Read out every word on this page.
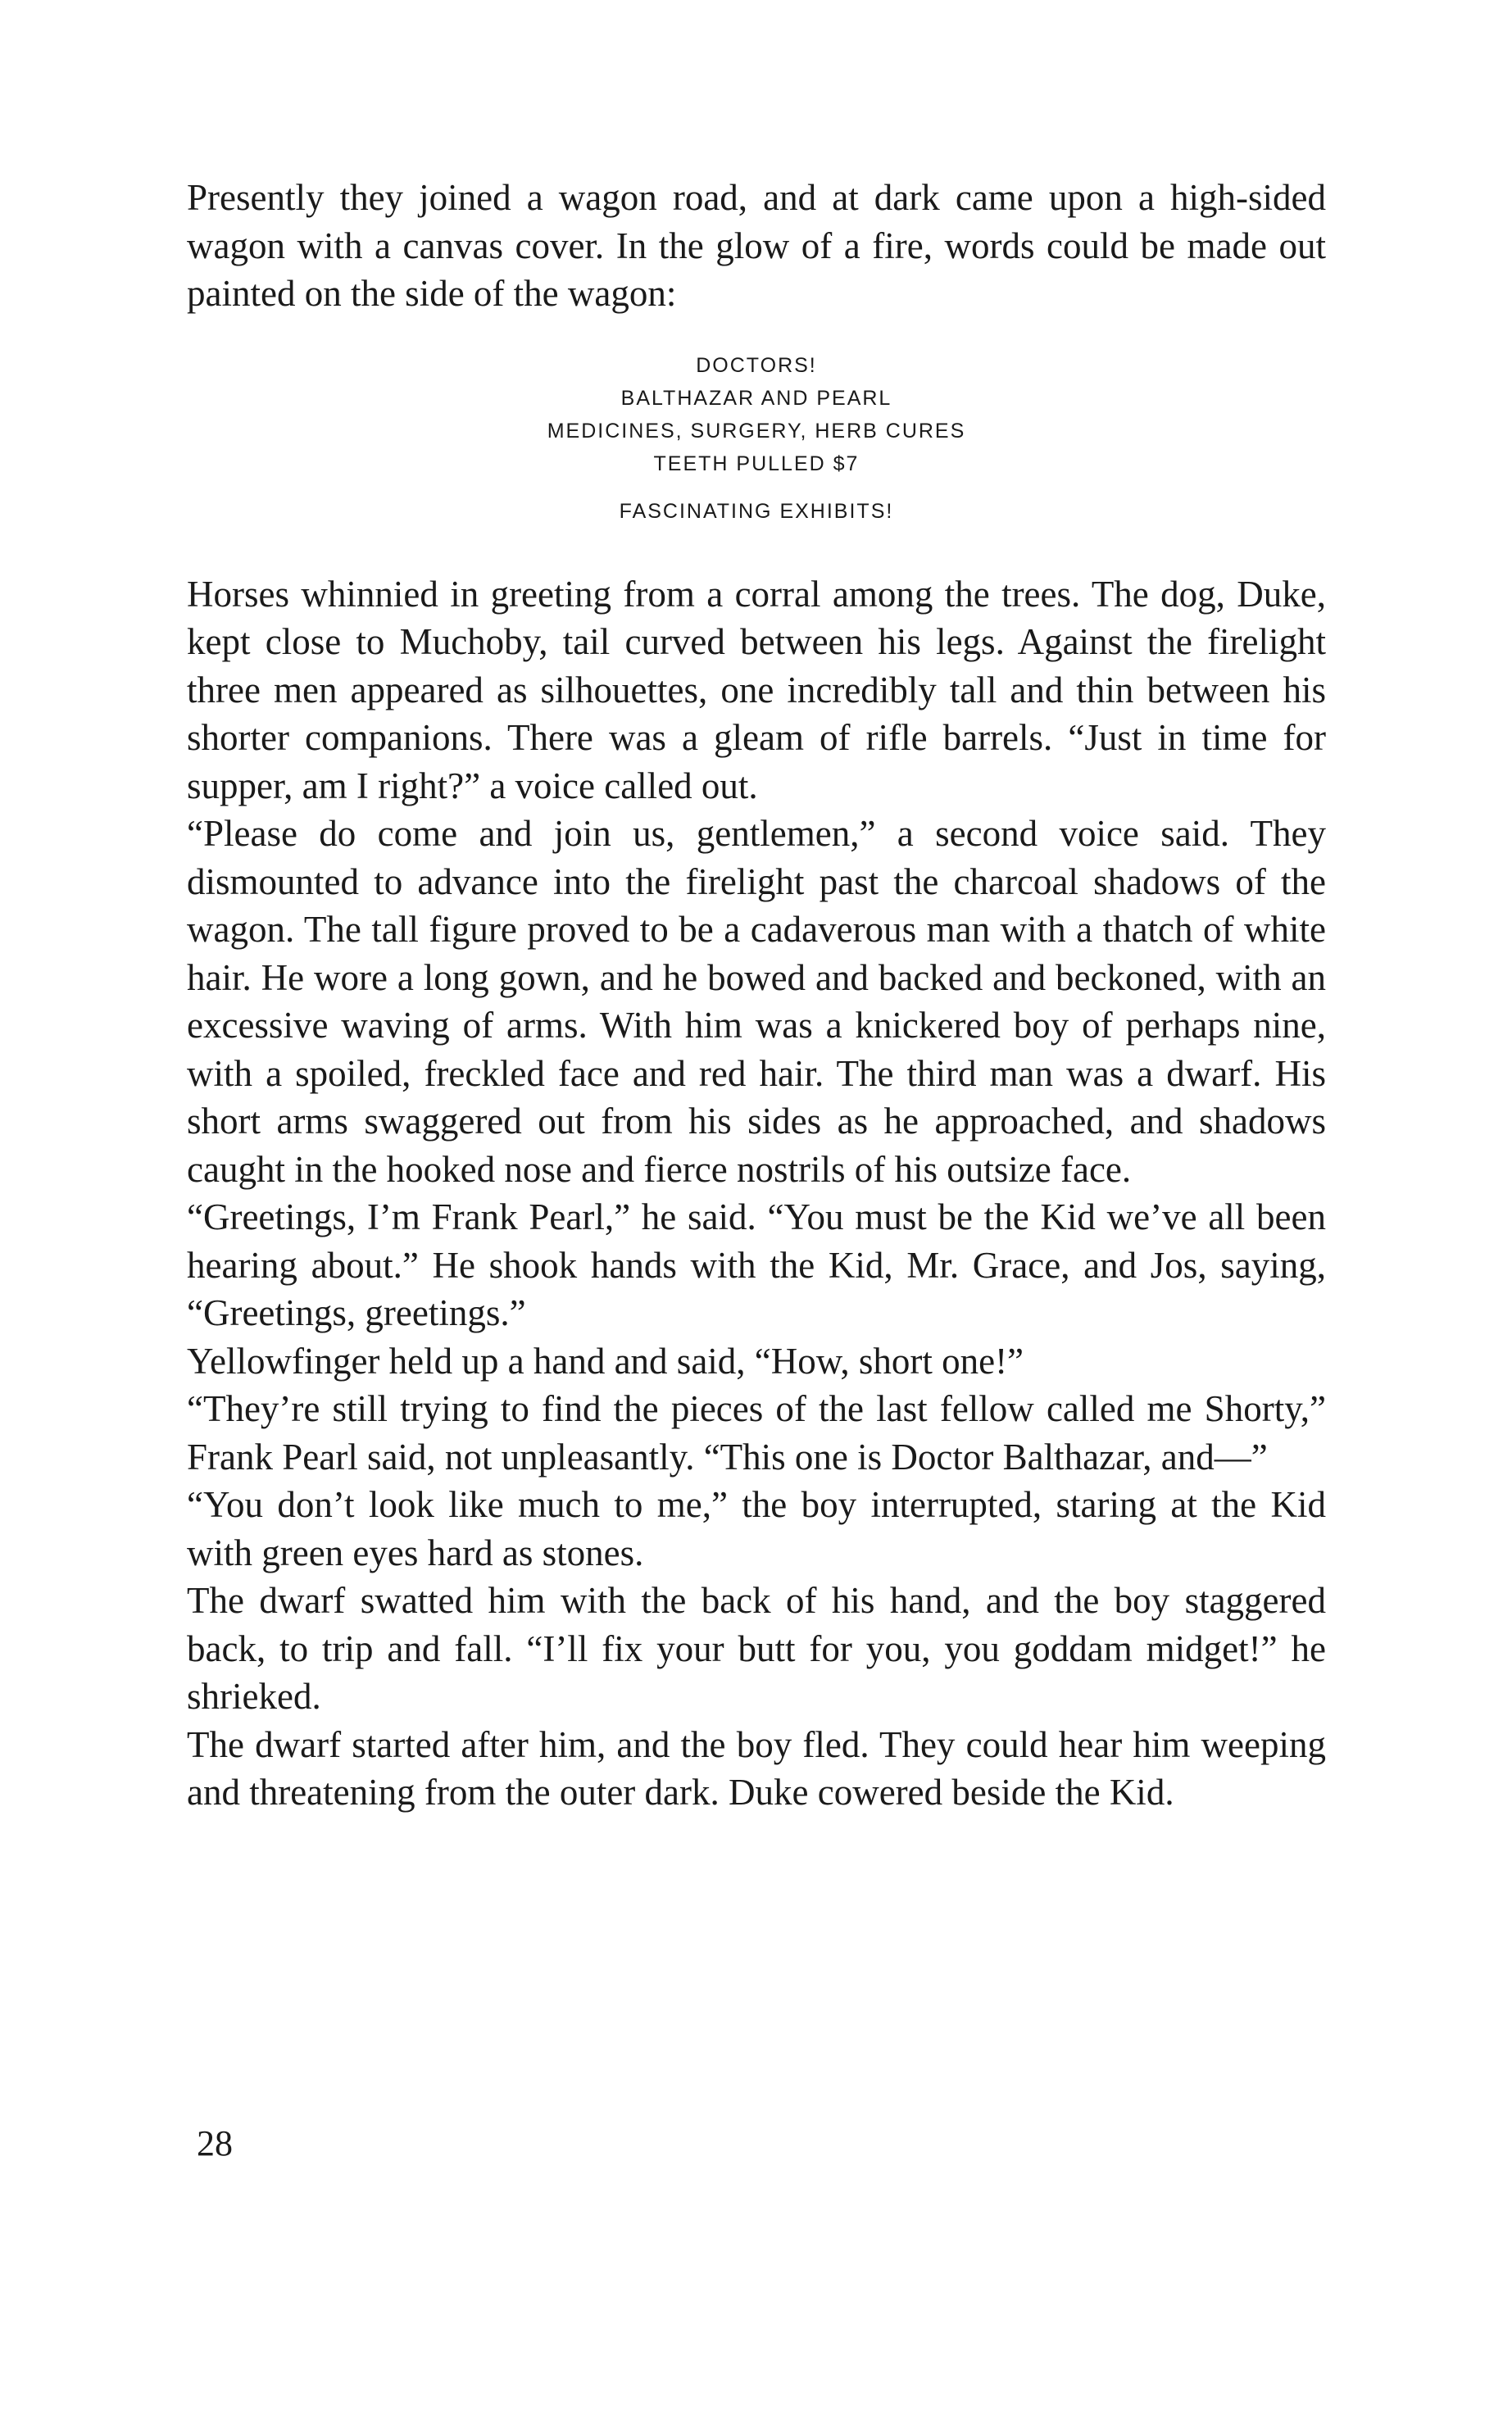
Presently they joined a wagon road, and at dark came upon a high-sided wagon with a canvas cover. In the glow of a fire, words could be made out painted on the side of the wagon:

DOCTORS!
BALTHAZAR AND PEARL
MEDICINES, SURGERY, HERB CURES
TEETH PULLED $7
FASCINATING EXHIBITS!

Horses whinnied in greeting from a corral among the trees. The dog, Duke, kept close to Muchoby, tail curved between his legs. Against the firelight three men appeared as silhouettes, one incredibly tall and thin between his shorter companions. There was a gleam of rifle barrels. “Just in time for supper, am I right?” a voice called out.

“Please do come and join us, gentlemen,” a second voice said. They dismounted to advance into the firelight past the charcoal shadows of the wagon. The tall figure proved to be a cadaverous man with a thatch of white hair. He wore a long gown, and he bowed and backed and beckoned, with an excessive waving of arms. With him was a knickered boy of perhaps nine, with a spoiled, freckled face and red hair. The third man was a dwarf. His short arms swaggered out from his sides as he approached, and shadows caught in the hooked nose and fierce nostrils of his outsize face.

“Greetings, I’m Frank Pearl,” he said. “You must be the Kid we’ve all been hearing about.” He shook hands with the Kid, Mr. Grace, and Jos, saying, “Greetings, greetings.”

Yellowfinger held up a hand and said, “How, short one!”

“They’re still trying to find the pieces of the last fellow called me Shorty,” Frank Pearl said, not unpleasantly. “This one is Doctor Balthazar, and—”

“You don’t look like much to me,” the boy interrupted, staring at the Kid with green eyes hard as stones.

The dwarf swatted him with the back of his hand, and the boy staggered back, to trip and fall. “I’ll fix your butt for you, you goddam midget!” he shrieked.

The dwarf started after him, and the boy fled. They could hear him weeping and threatening from the outer dark. Duke cowered beside the Kid.

28
